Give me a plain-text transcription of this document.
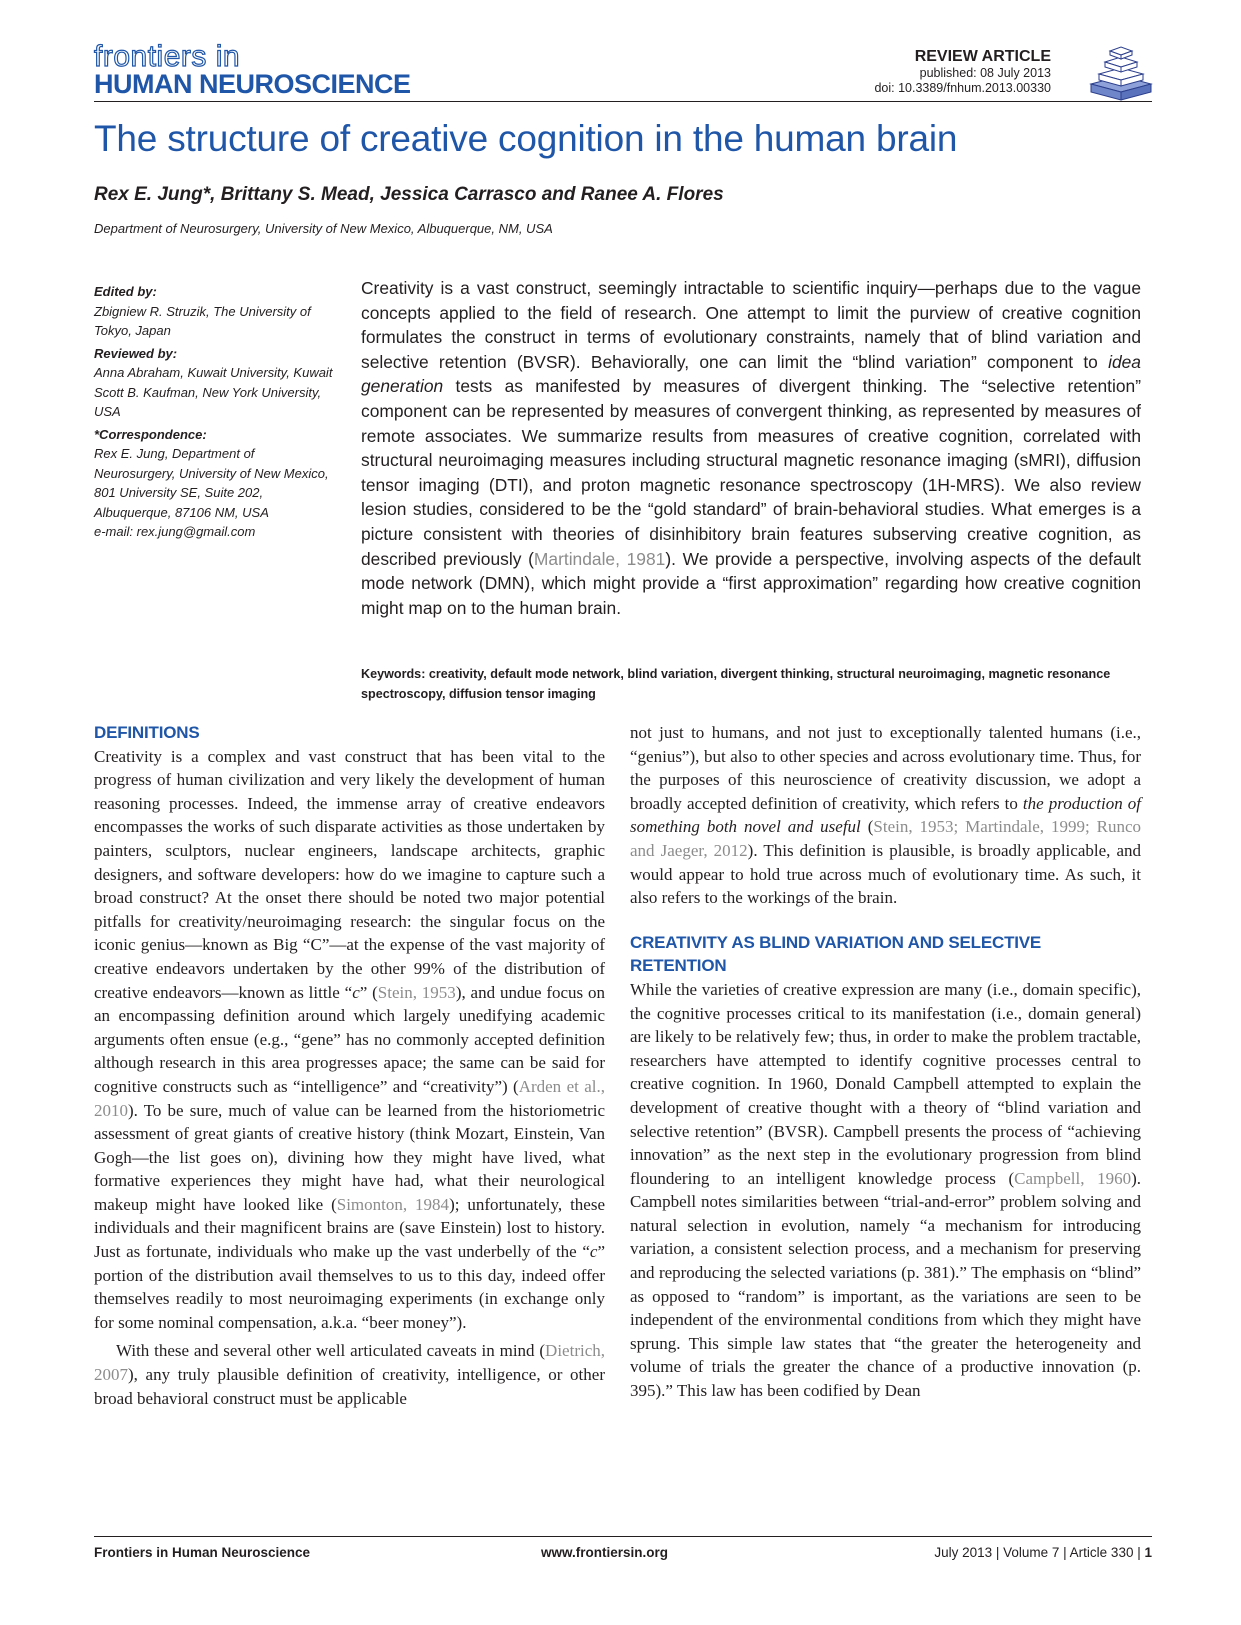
frontiers in
HUMAN NEUROSCIENCE
REVIEW ARTICLE
published: 08 July 2013
doi: 10.3389/fnhum.2013.00330
The structure of creative cognition in the human brain
Rex E. Jung*, Brittany S. Mead, Jessica Carrasco and Ranee A. Flores
Department of Neurosurgery, University of New Mexico, Albuquerque, NM, USA
Edited by:
Zbigniew R. Struzik, The University of Tokyo, Japan
Reviewed by:
Anna Abraham, Kuwait University, Kuwait
Scott B. Kaufman, New York University, USA
*Correspondence:
Rex E. Jung, Department of Neurosurgery, University of New Mexico, 801 University SE, Suite 202, Albuquerque, 87106 NM, USA
e-mail: rex.jung@gmail.com
Creativity is a vast construct, seemingly intractable to scientific inquiry—perhaps due to the vague concepts applied to the field of research. One attempt to limit the purview of creative cognition formulates the construct in terms of evolutionary constraints, namely that of blind variation and selective retention (BVSR). Behaviorally, one can limit the “blind variation” component to idea generation tests as manifested by measures of divergent thinking. The “selective retention” component can be represented by measures of convergent thinking, as represented by measures of remote associates. We summarize results from measures of creative cognition, correlated with structural neuroimaging measures including structural magnetic resonance imaging (sMRI), diffusion tensor imaging (DTI), and proton magnetic resonance spectroscopy (1H-MRS). We also review lesion studies, considered to be the “gold standard” of brain-behavioral studies. What emerges is a picture consistent with theories of disinhibitory brain features subserving creative cognition, as described previously (Martindale, 1981). We provide a perspective, involving aspects of the default mode network (DMN), which might provide a “first approximation” regarding how creative cognition might map on to the human brain.
Keywords: creativity, default mode network, blind variation, divergent thinking, structural neuroimaging, magnetic resonance spectroscopy, diffusion tensor imaging
DEFINITIONS

Creativity is a complex and vast construct that has been vital to the progress of human civilization and very likely the development of human reasoning processes. Indeed, the immense array of creative endeavors encompasses the works of such disparate activities as those undertaken by painters, sculptors, nuclear engineers, landscape architects, graphic designers, and software developers: how do we imagine to capture such a broad construct? At the onset there should be noted two major potential pitfalls for creativity/neuroimaging research: the singular focus on the iconic genius—known as Big “C”—at the expense of the vast majority of creative endeavors undertaken by the other 99% of the distribution of creative endeavors—known as little “c” (Stein, 1953), and undue focus on an encompassing definition around which largely unedifying academic arguments often ensue (e.g., “gene” has no commonly accepted definition although research in this area progresses apace; the same can be said for cognitive constructs such as “intelligence” and “creativity”) (Arden et al., 2010). To be sure, much of value can be learned from the historiometric assessment of great giants of creative history (think Mozart, Einstein, Van Gogh—the list goes on), divining how they might have lived, what formative experiences they might have had, what their neurological makeup might have looked like (Simonton, 1984); unfortunately, these individuals and their magnificent brains are (save Einstein) lost to history. Just as fortunate, individuals who make up the vast underbelly of the “c” portion of the distribution avail themselves to us to this day, indeed offer themselves readily to most neuroimaging experiments (in exchange only for some nominal compensation, a.k.a. “beer money”).

With these and several other well articulated caveats in mind (Dietrich, 2007), any truly plausible definition of creativity, intelligence, or other broad behavioral construct must be applicable

not just to humans, and not just to exceptionally talented humans (i.e., “genius”), but also to other species and across evolutionary time. Thus, for the purposes of this neuroscience of creativity discussion, we adopt a broadly accepted definition of creativity, which refers to the production of something both novel and useful (Stein, 1953; Martindale, 1999; Runco and Jaeger, 2012). This definition is plausible, is broadly applicable, and would appear to hold true across much of evolutionary time. As such, it also refers to the workings of the brain.

CREATIVITY AS BLIND VARIATION AND SELECTIVE RETENTION

While the varieties of creative expression are many (i.e., domain specific), the cognitive processes critical to its manifestation (i.e., domain general) are likely to be relatively few; thus, in order to make the problem tractable, researchers have attempted to identify cognitive processes central to creative cognition. In 1960, Donald Campbell attempted to explain the development of creative thought with a theory of “blind variation and selective retention” (BVSR). Campbell presents the process of “achieving innovation” as the next step in the evolutionary progression from blind floundering to an intelligent knowledge process (Campbell, 1960). Campbell notes similarities between “trial-and-error” problem solving and natural selection in evolution, namely “a mechanism for introducing variation, a consistent selection process, and a mechanism for preserving and reproducing the selected variations (p. 381).” The emphasis on “blind” as opposed to “random” is important, as the variations are seen to be independent of the environmental conditions from which they might have sprung. This simple law states that “the greater the heterogeneity and volume of trials the greater the chance of a productive innovation (p. 395).” This law has been codified by Dean

Frontiers in Human Neuroscience	www.frontiersin.org	July 2013 | Volume 7 | Article 330 | 1
